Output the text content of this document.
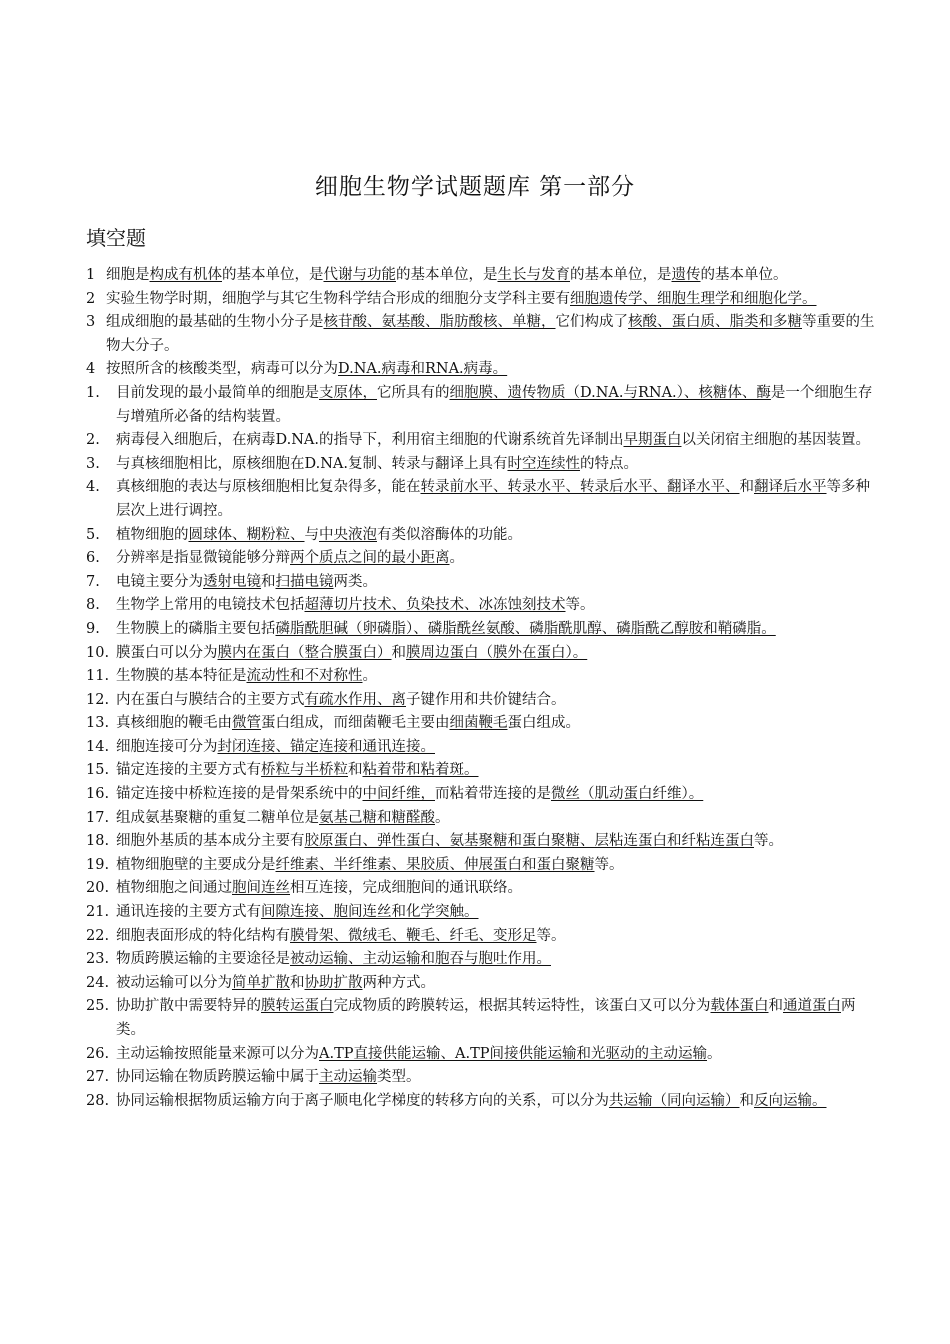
细胞生物学试题题库 第一部分
填空题
1 细胞是构成有机体的基本单位，是代谢与功能的基本单位，是生长与发育的基本单位，是遗传的基本单位。
2 实验生物学时期，细胞学与其它生物科学结合形成的细胞分支学科主要有细胞遗传学、细胞生理学和细胞化学。
3 组成细胞的最基础的生物小分子是核苷酸、氨基酸、脂肪酸核、单糖，它们构成了核酸、蛋白质、脂类和多糖等重要的生物大分子。
4 按照所含的核酸类型，病毒可以分为D.NA.病毒和RNA.病毒。
1.	目前发现的最小最简单的细胞是支原体，它所具有的细胞膜、遗传物质（D.NA.与RNA.）、核糖体、酶是一个细胞生存与增殖所必备的结构装置。
2.	病毒侵入细胞后，在病毒D.NA.的指导下，利用宿主细胞的代谢系统首先译制出早期蛋白以关闭宿主细胞的基因装置。
3.	与真核细胞相比，原核细胞在D.NA.复制、转录与翻译上具有时空连续性的特点。
4.	真核细胞的表达与原核细胞相比复杂得多，能在转录前水平、转录水平、转录后水平、翻译水平、和翻译后水平等多种层次上进行调控。
5.	植物细胞的圆球体、糊粉粒、与中央液泡有类似溶酶体的功能。
6.	分辨率是指显微镜能够分辩两个质点之间的最小距离。
7.	电镜主要分为透射电镜和扫描电镜两类。
8.	生物学上常用的电镜技术包括超薄切片技术、负染技术、冰冻蚀刻技术等。
9.	生物膜上的磷脂主要包括磷脂酰胆碱（卵磷脂）、磷脂酰丝氨酸、磷脂酰肌醇、磷脂酰乙醇胺和鞘磷脂。
10. 膜蛋白可以分为膜内在蛋白（整合膜蛋白）和膜周边蛋白（膜外在蛋白）。
11. 生物膜的基本特征是流动性和不对称性。
12. 内在蛋白与膜结合的主要方式有疏水作用、离子键作用和共价键结合。
13. 真核细胞的鞭毛由微管蛋白组成，而细菌鞭毛主要由细菌鞭毛蛋白组成。
14. 细胞连接可分为封闭连接、锚定连接和通讯连接。
15. 锚定连接的主要方式有桥粒与半桥粒和粘着带和粘着斑。
16. 锚定连接中桥粒连接的是骨架系统中的中间纤维，而粘着带连接的是微丝（肌动蛋白纤维）。
17. 组成氨基聚糖的重复二糖单位是氨基己糖和糖醛酸。
18. 细胞外基质的基本成分主要有胶原蛋白、弹性蛋白、氨基聚糖和蛋白聚糖、层粘连蛋白和纤粘连蛋白等。
19. 植物细胞壁的主要成分是纤维素、半纤维素、果胶质、伸展蛋白和蛋白聚糖等。
20. 植物细胞之间通过胞间连丝相互连接，完成细胞间的通讯联络。
21. 通讯连接的主要方式有间隙连接、胞间连丝和化学突触。
22. 细胞表面形成的特化结构有膜骨架、微绒毛、鞭毛、纤毛、变形足等。
23. 物质跨膜运输的主要途径是被动运输、主动运输和胞吞与胞吐作用。
24. 被动运输可以分为简单扩散和协助扩散两种方式。
25. 协助扩散中需要特异的膜转运蛋白完成物质的跨膜转运，根据其转运特性，该蛋白又可以分为载体蛋白和通道蛋白两类。
26. 主动运输按照能量来源可以分为A.TP直接供能运输、A.TP间接供能运输和光驱动的主动运输。
27. 协同运输在物质跨膜运输中属于主动运输类型。
28. 协同运输根据物质运输方向于离子顺电化学梯度的转移方向的关系，可以分为共运输（同向运输）和反向运输。
